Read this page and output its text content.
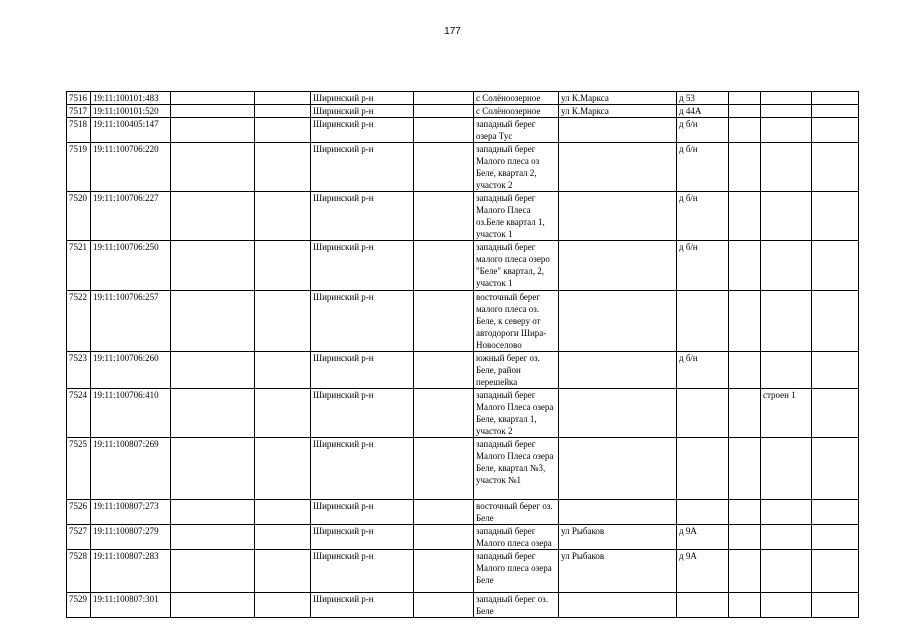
177
7516	19:11:100101:483			Ширинский р-н		с Солёноозерное	ул К.Маркса	д 53			
7517	19:11:100101:520			Ширинский р-н		с Солёноозерное	ул К.Маркса	д 44А			
7518	19:11:100405:147			Ширинский р-н		западный берег озера Тус		д б/н			
7519	19:11:100706:220			Ширинский р-н		западный берег Малого плеса оз Беле, квартал 2, участок 2		д б/н			
7520	19:11:100706:227			Ширинский р-н		западный берег Малого Плеса оз.Беле квартал 1, участок 1		д б/н			
7521	19:11:100706:250			Ширинский р-н		западный берег малого плеса озеро "Беле" квартал, 2, участок 1		д б/н			
7522	19:11:100706:257			Ширинский р-н		восточный берег малого плеса оз. Беле, к северу от автодороги Шира-Новоселово					
7523	19:11:100706:260			Ширинский р-н		южный берег оз. Беле, район перешейка		д б/н			
7524	19:11:100706:410			Ширинский р-н		западный берег Малого Плеса озера Беле, квартал 1, участок 2				строен 1	
7525	19:11:100807:269			Ширинский р-н		западный берег Малого Плеса озера Беле, квартал №3, участок №1					
7526	19:11:100807:273			Ширинский р-н		восточный берег оз. Беле					
7527	19:11:100807:279			Ширинский р-н		западный берег Малого плеса озера	ул Рыбаков	д 9А			
7528	19:11:100807:283			Ширинский р-н		западный берег Малого плеса озера Беле	ул Рыбаков	д 9А			
7529	19:11:100807:301			Ширинский р-н		западный берег оз. Беле					
